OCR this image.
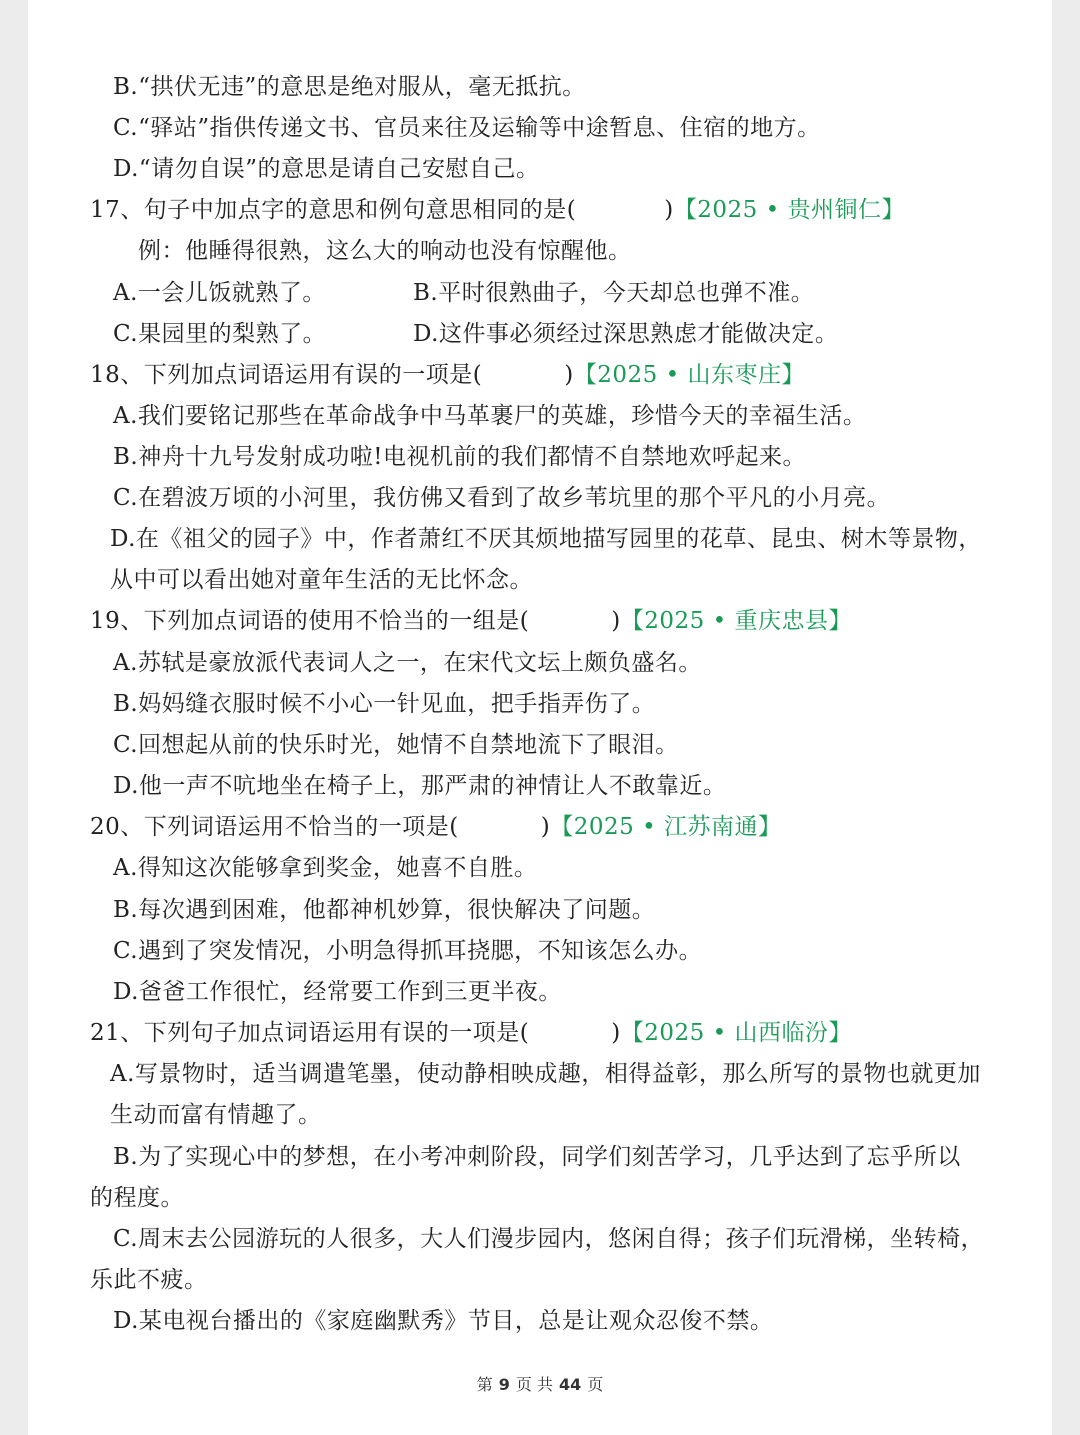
B.“拱伏无违”的意思是绝对服从，毫无抵抗。
C.“驿站”指供传递文书、官员来往及运输等中途暂息、住宿的地方。
D.“请勿自误”的意思是请自己安慰自己。
17、句子中加点字的意思和例句意思相同的是(	)【2025 • 贵州铜仁】
例：他睡得很熟，这么大的响动也没有惊醒他。
A.一会儿饭就熟了。	B.平时很熟曲子，今天却总也弹不准。
C.果园里的梨熟了。	D.这件事必须经过深思熟虑才能做决定。
18、下列加点词语运用有误的一项是(	)【2025 • 山东枣庄】
A.我们要铭记那些在革命战争中马革裹尸的英雄，珍惜今天的幸福生活。
B.神舟十九号发射成功啦!电视机前的我们都情不自禁地欢呼起来。
C.在碧波万顷的小河里，我仿佛又看到了故乡苇坑里的那个平凡的小月亮。
D.在《祖父的园子》中，作者萧红不厌其烦地描写园里的花草、昆虫、树木等景物，
从中可以看出她对童年生活的无比怀念。
19、下列加点词语的使用不恰当的一组是(	)【2025 • 重庆忠县】
A.苏轼是豪放派代表词人之一，在宋代文坛上颇负盛名。
B.妈妈缝衣服时候不小心一针见血，把手指弄伤了。
C.回想起从前的快乐时光，她情不自禁地流下了眼泪。
D.他一声不吭地坐在椅子上，那严肃的神情让人不敢靠近。
20、下列词语运用不恰当的一项是(	)【2025 • 江苏南通】
A.得知这次能够拿到奖金，她喜不自胜。
B.每次遇到困难，他都神机妙算，很快解决了问题。
C.遇到了突发情况，小明急得抓耳挠腮，不知该怎么办。
D.爸爸工作很忙，经常要工作到三更半夜。
21、下列句子加点词语运用有误的一项是(	)【2025 • 山西临汾】
A.写景物时，适当调遣笔墨，使动静相映成趣，相得益彰，那么所写的景物也就更加
生动而富有情趣了。
B.为了实现心中的梦想，在小考冲刺阶段，同学们刻苦学习，几乎达到了忘乎所以
的程度。
C.周末去公园游玩的人很多，大人们漫步园内，悠闲自得；孩子们玩滑梯，坐转椅，
乐此不疲。
D.某电视台播出的《家庭幽默秀》节目，总是让观众忍俊不禁。
第 9 页 共 44 页
